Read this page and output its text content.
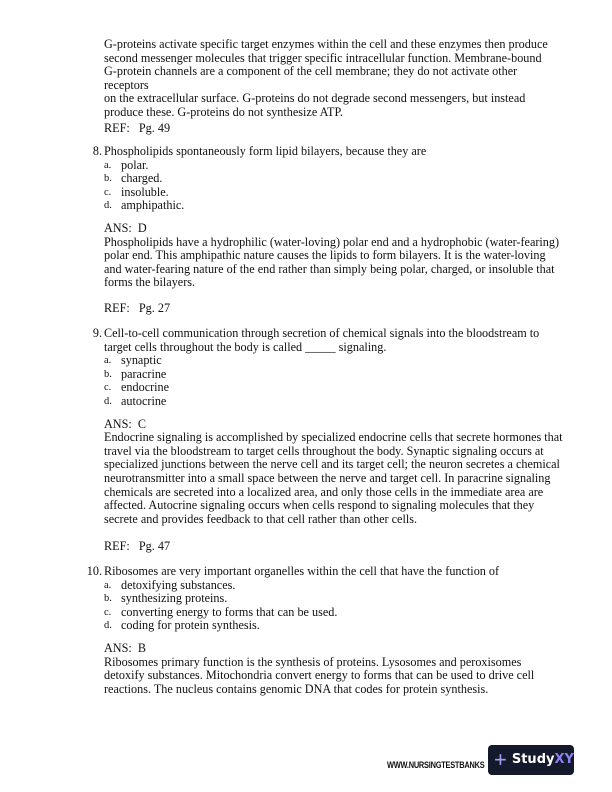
G-proteins activate specific target enzymes within the cell and these enzymes then produce
second messenger molecules that trigger specific intracellular function. Membrane-bound
G-protein channels are a component of the cell membrane; they do not activate other receptors
on the extracellular surface. G-proteins do not degrade second messengers, but instead
produce these. G-proteins do not synthesize ATP.
REF:   Pg. 49
8. Phospholipids spontaneously form lipid bilayers, because they are
a. polar.
b. charged.
c. insoluble.
d. amphipathic.
ANS:  D
Phospholipids have a hydrophilic (water-loving) polar end and a hydrophobic (water-fearing)
polar end. This amphipathic nature causes the lipids to form bilayers. It is the water-loving
and water-fearing nature of the end rather than simply being polar, charged, or insoluble that
forms the bilayers.
REF:   Pg. 27
9. Cell-to-cell communication through secretion of chemical signals into the bloodstream to
target cells throughout the body is called _____ signaling.
a. synaptic
b. paracrine
c. endocrine
d. autocrine
ANS:  C
Endocrine signaling is accomplished by specialized endocrine cells that secrete hormones that
travel via the bloodstream to target cells throughout the body. Synaptic signaling occurs at
specialized junctions between the nerve cell and its target cell; the neuron secretes a chemical
neurotransmitter into a small space between the nerve and target cell. In paracrine signaling
chemicals are secreted into a localized area, and only those cells in the immediate area are
affected. Autocrine signaling occurs when cells respond to signaling molecules that they
secrete and provides feedback to that cell rather than other cells.
REF:   Pg. 47
10. Ribosomes are very important organelles within the cell that have the function of
a. detoxifying substances.
b. synthesizing proteins.
c. converting energy to forms that can be used.
d. coding for protein synthesis.
ANS:  B
Ribosomes primary function is the synthesis of proteins. Lysosomes and peroxisomes
detoxify substances. Mitochondria convert energy to forms that can be used to drive cell
reactions. The nucleus contains genomic DNA that codes for protein synthesis.
WWW.NURSINGTESTBANKS + StudyXY
